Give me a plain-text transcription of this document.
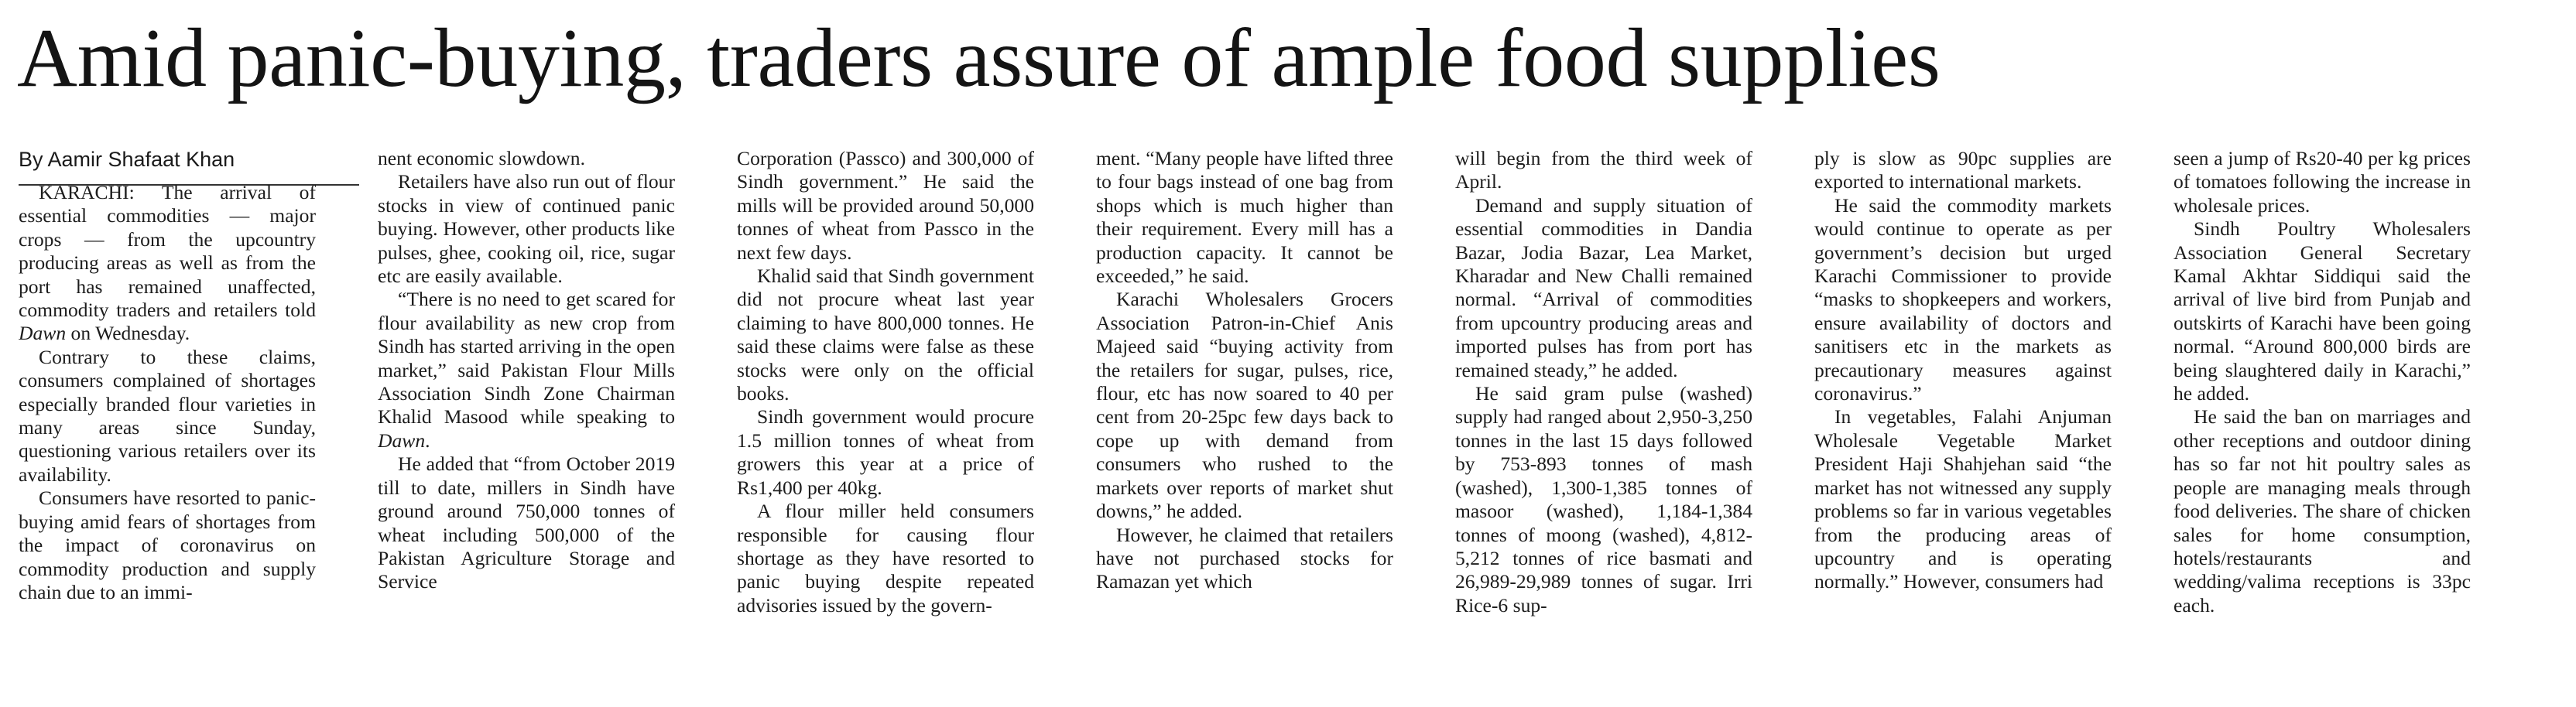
Amid panic-buying, traders assure of ample food supplies
By Aamir Shafaat Khan

KARACHI: The arrival of essential commodities — major crops — from the upcountry producing areas as well as from the port has remained unaffected, commodity traders and retailers told Dawn on Wednesday.

Contrary to these claims, consumers complained of shortages especially branded flour varieties in many areas since Sunday, questioning various retailers over its availability.

Consumers have resorted to panic-buying amid fears of shortages from the impact of coronavirus on commodity production and supply chain due to an immi-

nent economic slowdown.

Retailers have also run out of flour stocks in view of continued panic buying. However, other products like pulses, ghee, cooking oil, rice, sugar etc are easily available.

“There is no need to get scared for flour availability as new crop from Sindh has started arriving in the open market,” said Pakistan Flour Mills Association Sindh Zone Chairman Khalid Masood while speaking to Dawn.

He added that “from October 2019 till to date, millers in Sindh have ground around 750,000 tonnes of wheat including 500,000 of the Pakistan Agriculture Storage and Service

Corporation (Passco) and 300,000 of Sindh government.” He said the mills will be provided around 50,000 tonnes of wheat from Passco in the next few days.

Khalid said that Sindh government did not procure wheat last year claiming to have 800,000 tonnes. He said these claims were false as these stocks were only on the official books.

Sindh government would procure 1.5 million tonnes of wheat from growers this year at a price of Rs1,400 per 40kg.

A flour miller held consumers responsible for causing flour shortage as they have resorted to panic buying despite repeated advisories issued by the govern-

ment. “Many people have lifted three to four bags instead of one bag from shops which is much higher than their requirement. Every mill has a production capacity. It cannot be exceeded,” he said.

Karachi Wholesalers Grocers Association Patron-in-Chief Anis Majeed said “buying activity from the retailers for sugar, pulses, rice, flour, etc has now soared to 40 per cent from 20-25pc few days back to cope up with demand from consumers who rushed to the markets over reports of market shut downs,” he added.

However, he claimed that retailers have not purchased stocks for Ramazan yet which

will begin from the third week of April.

Demand and supply situation of essential commodities in Dandia Bazar, Jodia Bazar, Lea Market, Kharadar and New Challi remained normal. “Arrival of commodities from upcountry producing areas and imported pulses has from port has remained steady,” he added.

He said gram pulse (washed) supply had ranged about 2,950-3,250 tonnes in the last 15 days followed by 753-893 tonnes of mash (washed), 1,300-1,385 tonnes of masoor (washed), 1,184-1,384 tonnes of moong (washed), 4,812-5,212 tonnes of rice basmati and 26,989-29,989 tonnes of sugar. Irri Rice-6 sup-

ply is slow as 90pc supplies are exported to international markets.

He said the commodity markets would continue to operate as per government’s decision but urged Karachi Commissioner to provide “masks to shopkeepers and workers, ensure availability of doctors and sanitisers etc in the markets as precautionary measures against coronavirus.”

In vegetables, Falahi Anjuman Wholesale Vegetable Market President Haji Shahjehan said “the market has not witnessed any supply problems so far in various vegetables from the producing areas of upcountry and is operating normally.” However, consumers had

seen a jump of Rs20-40 per kg prices of tomatoes following the increase in wholesale prices.

Sindh Poultry Wholesalers Association General Secretary Kamal Akhtar Siddiqui said the arrival of live bird from Punjab and outskirts of Karachi have been going normal. “Around 800,000 birds are being slaughtered daily in Karachi,” he added.

He said the ban on marriages and other receptions and outdoor dining has so far not hit poultry sales as people are managing meals through food deliveries. The share of chicken sales for home consumption, hotels/restaurants and wedding/valima receptions is 33pc each.
